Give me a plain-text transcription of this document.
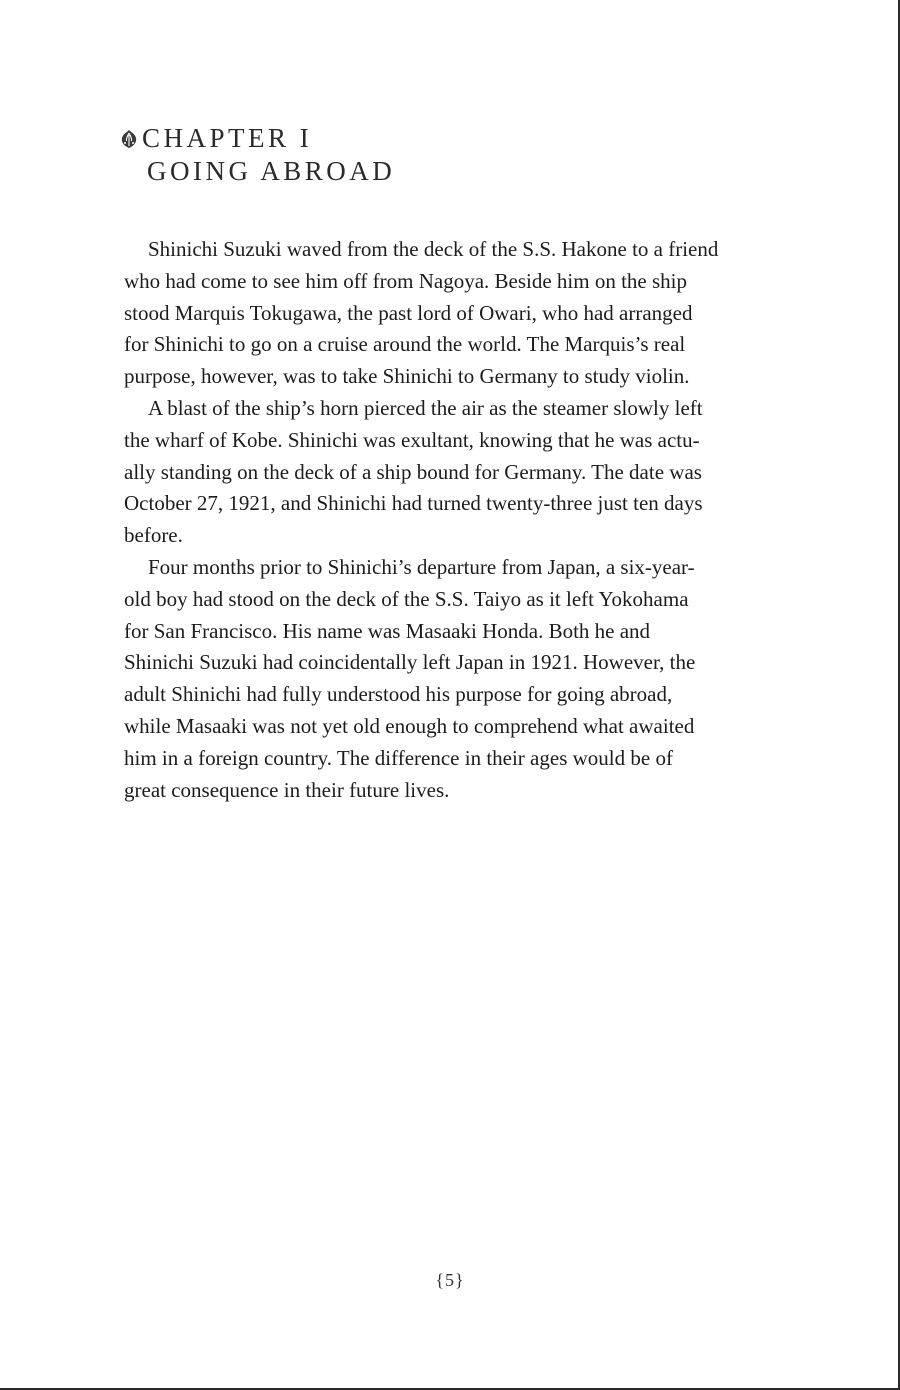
CHAPTER I
GOING ABROAD

Shinichi Suzuki waved from the deck of the S.S. Hakone to a friend
who had come to see him off from Nagoya. Beside him on the ship
stood Marquis Tokugawa, the past lord of Owari, who had arranged
for Shinichi to go on a cruise around the world. The Marquis’s real
purpose, however, was to take Shinichi to Germany to study violin.

A blast of the ship’s horn pierced the air as the steamer slowly left
the wharf of Kobe. Shinichi was exultant, knowing that he was actu-
ally standing on the deck of a ship bound for Germany. The date was
October 27, 1921, and Shinichi had turned twenty-three just ten days
before.

Four months prior to Shinichi’s departure from Japan, a six-year-
old boy had stood on the deck of the S.S. Taiyo as it left Yokohama
for San Francisco. His name was Masaaki Honda. Both he and
Shinichi Suzuki had coincidentally left Japan in 1921. However, the
adult Shinichi had fully understood his purpose for going abroad,
while Masaaki was not yet old enough to comprehend what awaited
him in a foreign country. The difference in their ages would be of
great consequence in their future lives.

{5}
